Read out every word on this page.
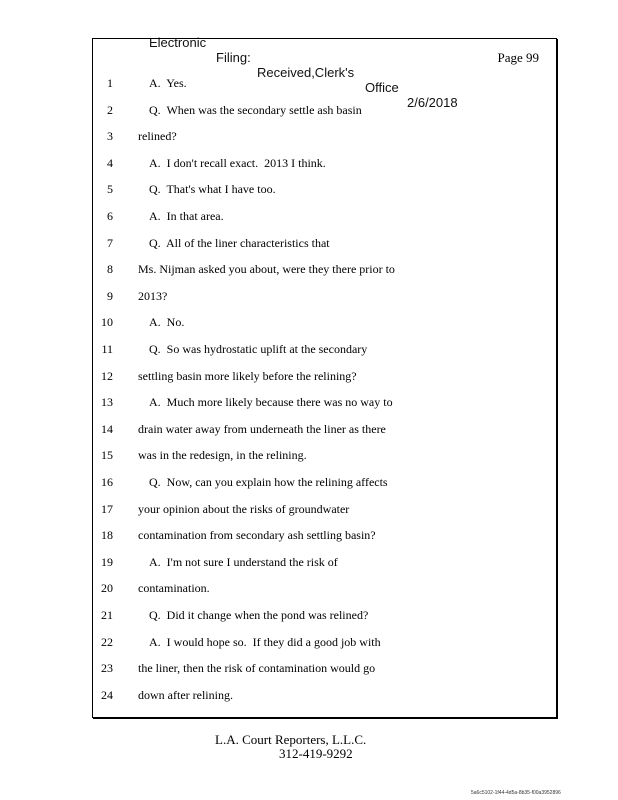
Electronic

Filing:

Received,Clerk's

Office

2/6/2018

Page 99
1	A.  Yes.
2	Q.  When was the secondary settle ash basin
3 relined?
4	A.  I don't recall exact.  2013 I think.
5	Q.  That's what I have too.
6	A.  In that area.
7	Q.  All of the liner characteristics that
8 Ms. Nijman asked you about, were they there prior to
9 2013?
10	A.  No.
11	Q.  So was hydrostatic uplift at the secondary
12 settling basin more likely before the relining?
13	A.  Much more likely because there was no way to
14 drain water away from underneath the liner as there
15 was in the redesign, in the relining.
16	Q.  Now, can you explain how the relining affects
17 your opinion about the risks of groundwater
18 contamination from secondary ash settling basin?
19	A.  I'm not sure I understand the risk of
20 contamination.
21	Q.  Did it change when the pond was relined?
22	A.  I would hope so.  If they did a good job with
23 the liner, then the risk of contamination would go
24 down after relining.
L.A. Court Reporters, L.L.C.
312-419-9292
5a6c5102-1f44-4d5a-8b35-f00a3952896
